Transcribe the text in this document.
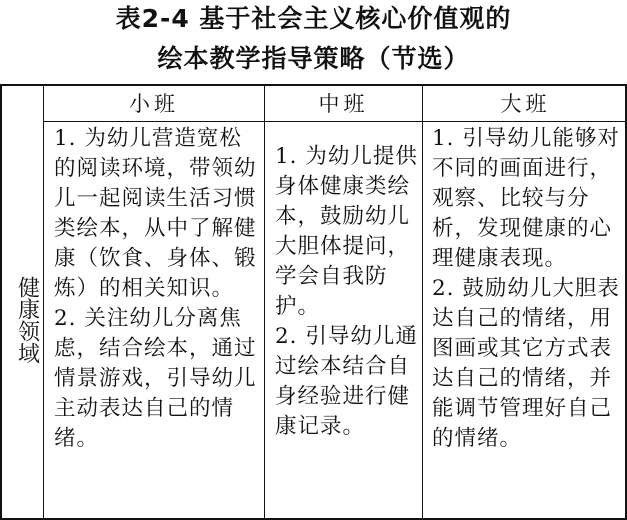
表2-4 基于社会主义核心价值观的
绘本教学指导策略（节选）
小班	中班	大班
健康领域

1. 为幼儿营造宽松的阅读环境，带领幼儿一起阅读生活习惯类绘本，从中了解健康（饮食、身体、锻炼）的相关知识。

2. 关注幼儿分离焦虑，结合绘本，通过情景游戏，引导幼儿主动表达自己的情绪。

1. 为幼儿提供身体健康类绘本，鼓励幼儿大胆体提问，学会自我防护。

2. 引导幼儿通过绘本结合自身经验进行健康记录。

1. 引导幼儿能够对不同的画面进行，观察、比较与分析，发现健康的心理健康表现。

2. 鼓励幼儿大胆表达自己的情绪，用图画或其它方式表达自己的情绪，并能调节管理好自己的情绪。
